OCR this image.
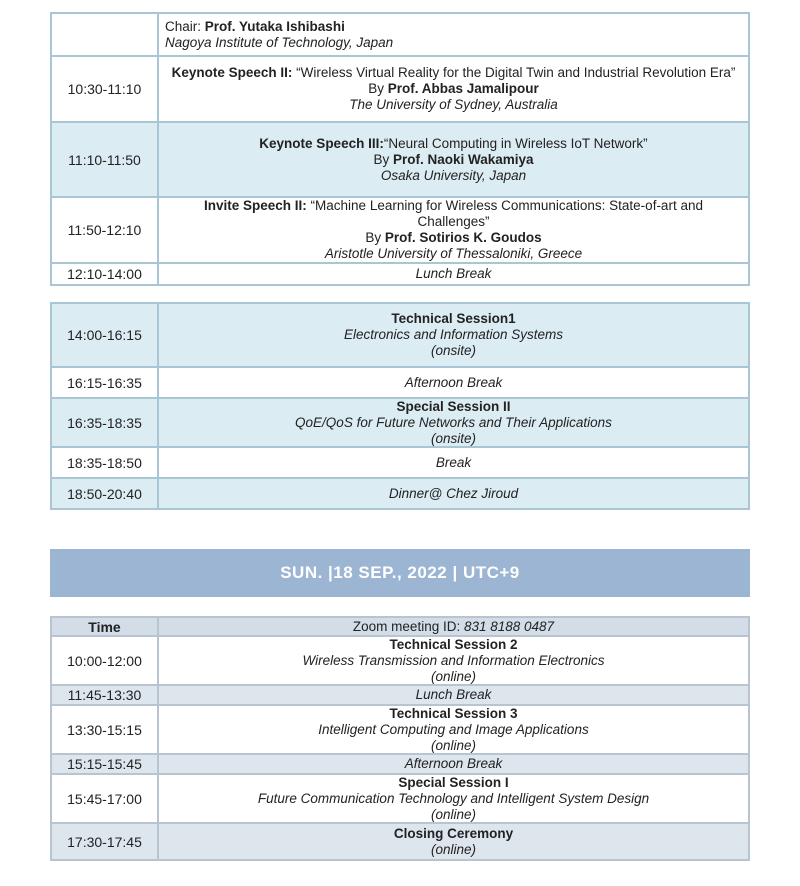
Chair: Prof. Yutaka Ishibashi
Nagoya Institute of Technology, Japan
10:30-11:10
Keynote Speech II: “Wireless Virtual Reality for the Digital Twin and Industrial Revolution Era”
By Prof. Abbas Jamalipour
The University of Sydney, Australia
11:10-11:50
Keynote Speech III:“Neural Computing in Wireless IoT Network”
By Prof. Naoki Wakamiya
Osaka University, Japan
11:50-12:10
Invite Speech II: “Machine Learning for Wireless Communications: State-of-art and Challenges”
By Prof. Sotirios K. Goudos
Aristotle University of Thessaloniki, Greece
12:10-14:00	Lunch Break
14:00-16:15
Technical Session1
Electronics and Information Systems
(onsite)
16:15-16:35	Afternoon Break
16:35-18:35
Special Session II
QoE/QoS for Future Networks and Their Applications
(onsite)
18:35-18:50	Break
18:50-20:40	Dinner@ Chez Jiroud
SUN. |18 SEP., 2022 | UTC+9
Time	Zoom meeting ID: 831 8188 0487
10:00-12:00
Technical Session 2
Wireless Transmission and Information Electronics
(online)
11:45-13:30	Lunch Break
13:30-15:15
Technical Session 3
Intelligent Computing and Image Applications
(online)
15:15-15:45	Afternoon Break
15:45-17:00
Special Session I
Future Communication Technology and Intelligent System Design
(online)
17:30-17:45
Closing Ceremony
(online)
